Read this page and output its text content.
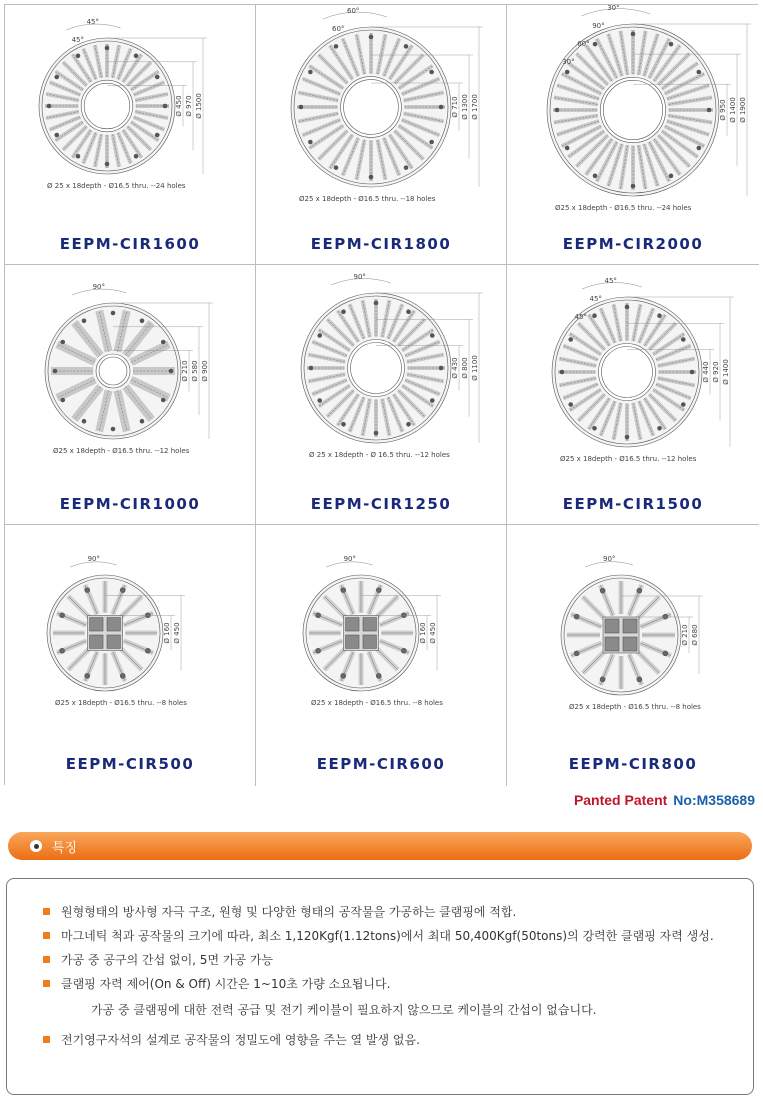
Ø 450 Ø 970 Ø 1500
45°
45°
Ø 25 x 18depth - Ø16.5 thru. --24 holes
EEPM-CIR1600
Ø 710 Ø 1300 Ø 1700
60°
60°
Ø25 x 18depth - Ø16.5 thru. --18 holes
EEPM-CIR1800
Ø 950 Ø 1400 Ø 1900
30°
90°
60°
30°
Ø25 x 18depth - Ø16.5 thru. --24 holes
EEPM-CIR2000
Ø 210 Ø 580 Ø 900
90°
Ø25 x 18depth - Ø16.5 thru. --12 holes
EEPM-CIR1000
Ø 430 Ø 800 Ø 1100
90°
Ø 25 x 18depth - Ø 16.5 thru. --12 holes
EEPM-CIR1250
Ø 440 Ø 920 Ø 1400
45°
45°
45°
Ø25 x 18depth - Ø16.5 thru. --12 holes
EEPM-CIR1500
Ø 160 Ø 450
90°
Ø25 x 18depth - Ø16.5 thru. --8 holes
EEPM-CIR500
Ø 160 Ø 450
90°
Ø25 x 18depth - Ø16.5 thru. --8 holes
EEPM-CIR600
Ø 210 Ø 680
90°
Ø25 x 18depth - Ø16.5 thru. --8 holes
EEPM-CIR800
Panted Patent No:M358689
특징
원형형태의 방사형 자극 구조, 원형 및 다양한 형태의 공작물을 가공하는 클램핑에 적합.
마그네틱 척과 공작물의 크기에 따라, 최소 1,120Kgf(1.12tons)에서 최대 50,400Kgf(50tons)의 강력한 클램핑 자력 생성.
가공 중 공구의 간섭 없이, 5면 가공 가능
클램핑 자력 제어(On & Off) 시간은 1~10초 가량 소요됩니다.
가공 중 클램핑에 대한 전력 공급 및 전기 케이블이 필요하지 않으므로 케이블의 간섭이 없습니다.
전기영구자석의 설계로 공작물의 정밀도에 영향을 주는 열 발생 없음.
